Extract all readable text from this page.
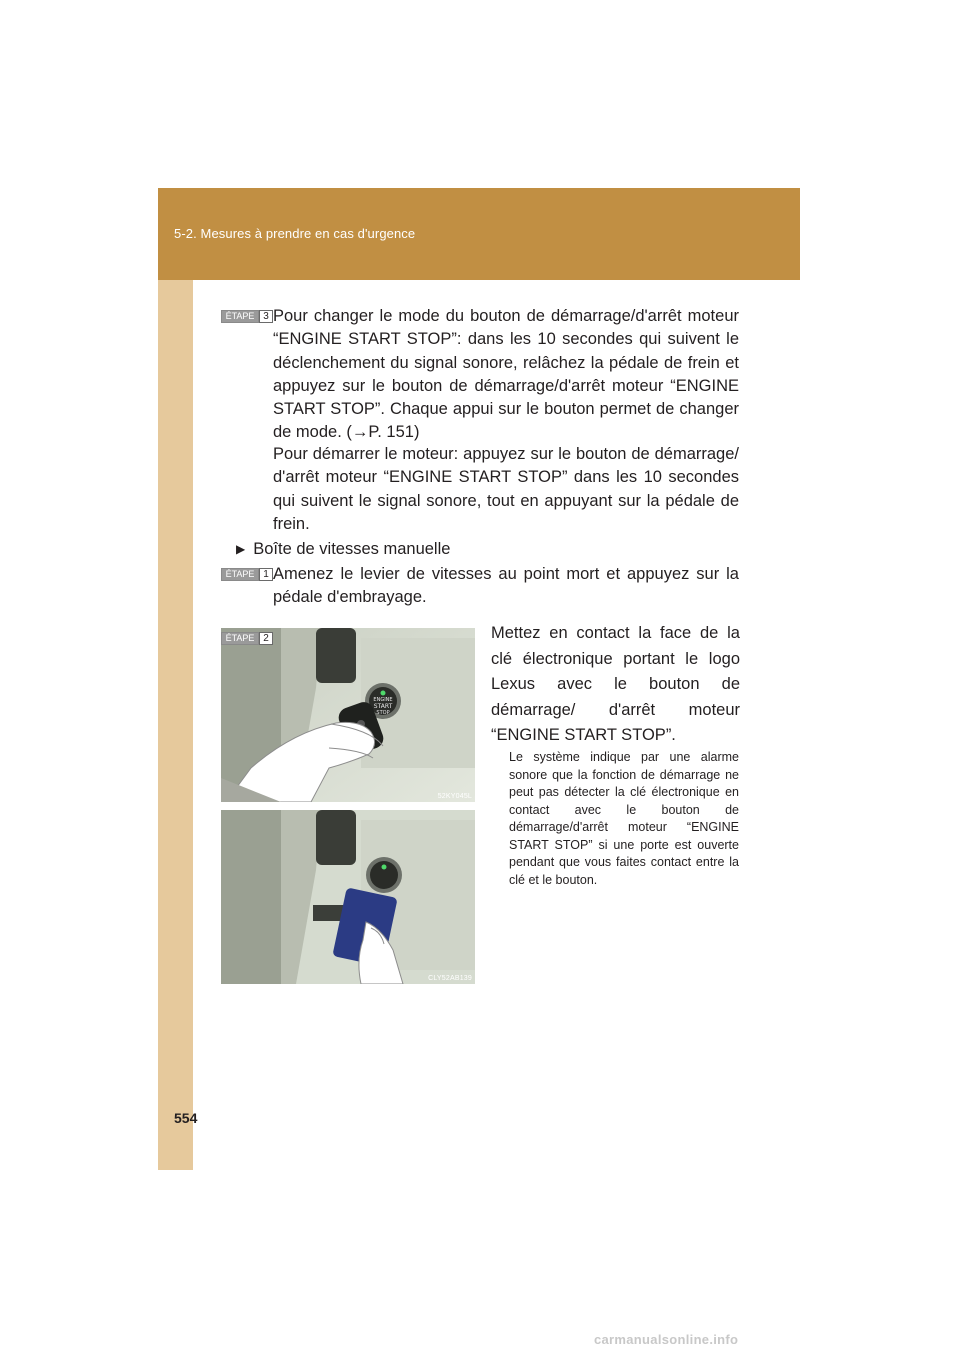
5-2. Mesures à prendre en cas d'urgence
ÉTAPE 3 Pour changer le mode du bouton de démarrage/d'arrêt moteur “ENGINE START STOP”: dans les 10 secondes qui suivent le déclenchement du signal sonore, relâchez la pédale de frein et appuyez sur le bouton de démarrage/d'arrêt moteur “ENGINE START STOP”. Chaque appui sur le bouton permet de changer de mode. (→P. 151)

Pour démarrer le moteur: appuyez sur le bouton de démarrage/ d'arrêt moteur “ENGINE START STOP” dans les 10 secondes qui suivent le signal sonore, tout en appuyant sur la pédale de frein.

▶ Boîte de vitesses manuelle
ÉTAPE 1 Amenez le levier de vitesses au point mort et appuyez sur la pédale d'embrayage.

ENGINE
START
STOP
52KY045L
ÉTAPE 2	Mettez en contact la face de la clé électronique portant le logo Lexus avec le bouton de démarrage/ d'arrêt moteur “ENGINE START STOP”.

Le système indique par une alarme sonore que la fonction de démarrage ne peut pas détecter la clé électronique en contact avec le bouton de démarrage/d'arrêt moteur “ENGINE START STOP” si une porte est ouverte pendant que vous faites contact entre la clé et le bouton.

CLY52AB139
554
carmanualsonline.info
